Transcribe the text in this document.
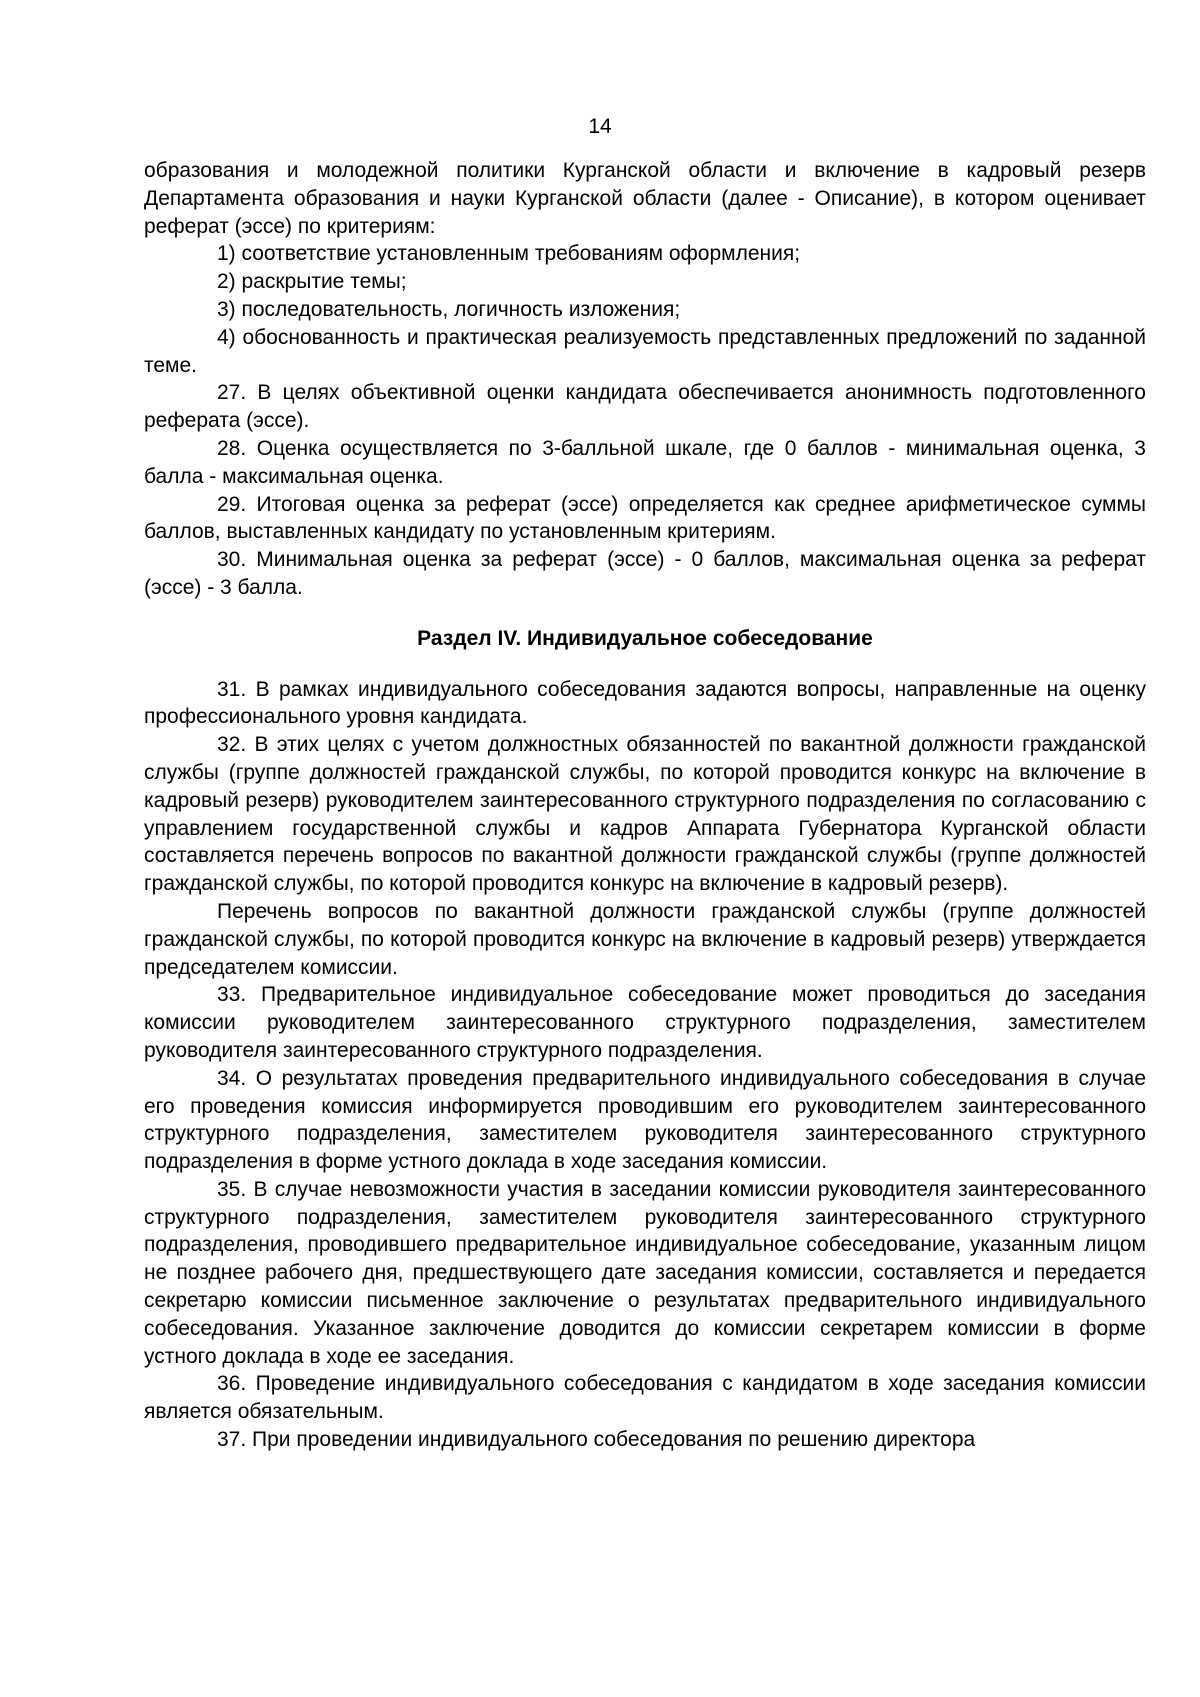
14

образования и молодежной политики Курганской области и включение в кадровый резерв Департамента образования и науки Курганской области (далее - Описание), в котором оценивает реферат (эссе) по критериям:

1) соответствие установленным требованиям оформления;

2) раскрытие темы;

3) последовательность, логичность изложения;

4) обоснованность и практическая реализуемость представленных предложений по заданной теме.

27. В целях объективной оценки кандидата обеспечивается анонимность подготовленного реферата (эссе).

28. Оценка осуществляется по 3-балльной шкале, где 0 баллов - минимальная оценка, 3 балла - максимальная оценка.

29. Итоговая оценка за реферат (эссе) определяется как среднее арифметическое суммы баллов, выставленных кандидату по установленным критериям.

30. Минимальная оценка за реферат (эссе) - 0 баллов, максимальная оценка за реферат (эссе) - 3 балла.

Раздел IV. Индивидуальное собеседование

31. В рамках индивидуального собеседования задаются вопросы, направленные на оценку профессионального уровня кандидата.

32. В этих целях с учетом должностных обязанностей по вакантной должности гражданской службы (группе должностей гражданской службы, по которой проводится конкурс на включение в кадровый резерв) руководителем заинтересованного структурного подразделения по согласованию с управлением государственной службы и кадров Аппарата Губернатора Курганской области составляется перечень вопросов по вакантной должности гражданской службы (группе должностей гражданской службы, по которой проводится конкурс на включение в кадровый резерв).

Перечень вопросов по вакантной должности гражданской службы (группе должностей гражданской службы, по которой проводится конкурс на включение в кадровый резерв) утверждается председателем комиссии.

33. Предварительное индивидуальное собеседование может проводиться до заседания комиссии руководителем заинтересованного структурного подразделения, заместителем руководителя заинтересованного структурного подразделения.

34. О результатах проведения предварительного индивидуального собеседования в случае его проведения комиссия информируется проводившим его руководителем заинтересованного структурного подразделения, заместителем руководителя заинтересованного структурного подразделения в форме устного доклада в ходе заседания комиссии.

35. В случае невозможности участия в заседании комиссии руководителя заинтересованного структурного подразделения, заместителем руководителя заинтересованного структурного подразделения, проводившего предварительное индивидуальное собеседование, указанным лицом не позднее рабочего дня, предшествующего дате заседания комиссии, составляется и передается секретарю комиссии письменное заключение о результатах предварительного индивидуального собеседования. Указанное заключение доводится до комиссии секретарем комиссии в форме устного доклада в ходе ее заседания.

36. Проведение индивидуального собеседования с кандидатом в ходе заседания комиссии является обязательным.

37. При проведении индивидуального собеседования по решению директора
